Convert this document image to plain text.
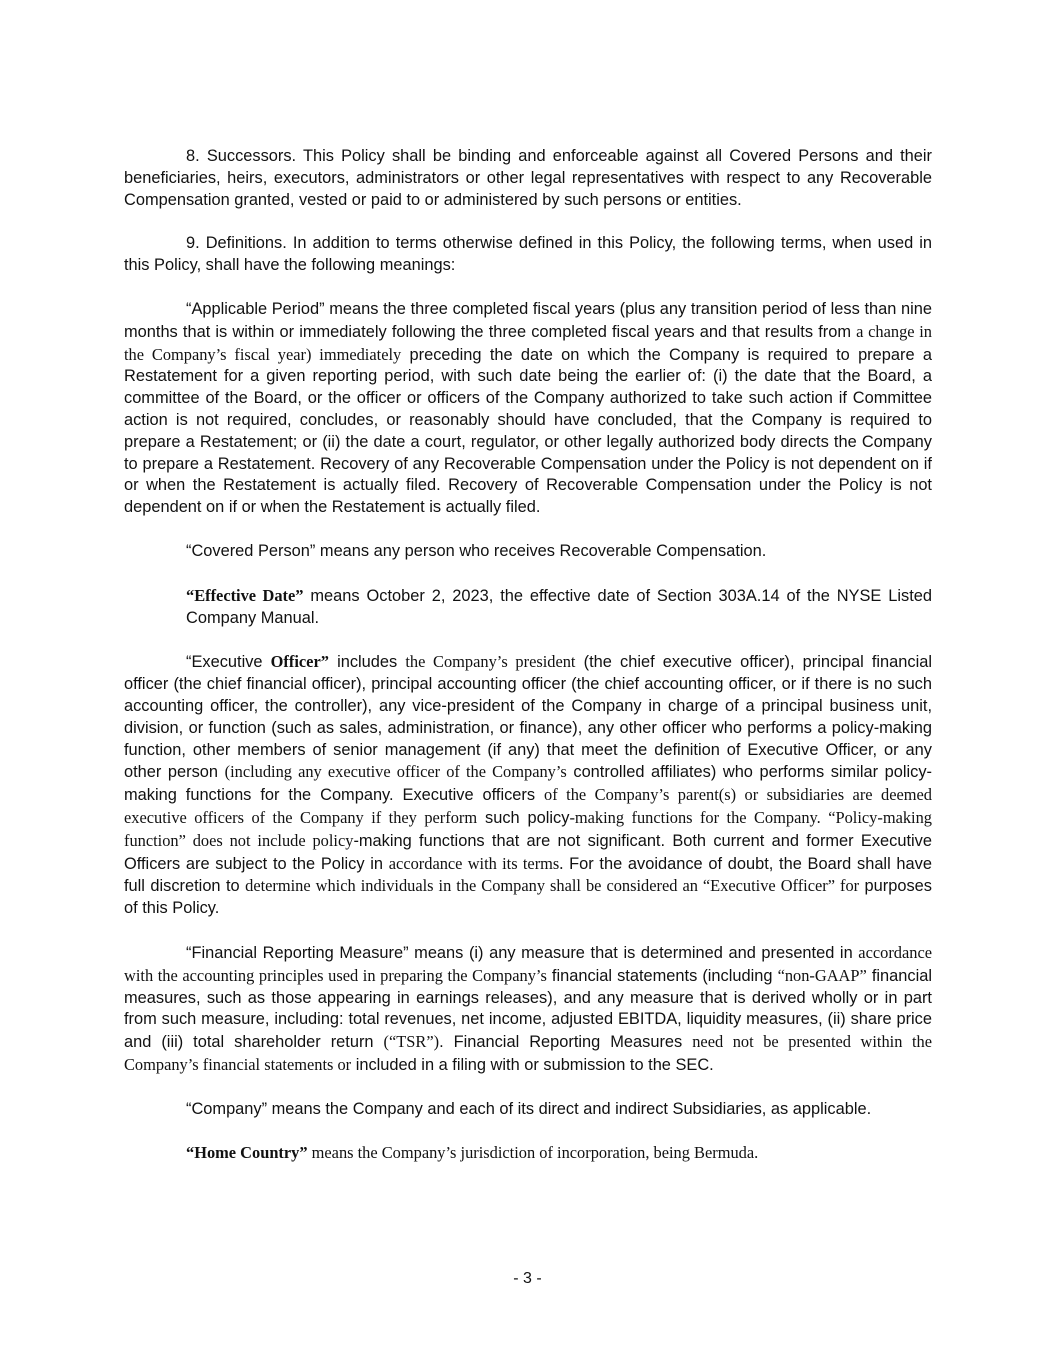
8. Successors. This Policy shall be binding and enforceable against all Covered Persons and their beneficiaries, heirs, executors, administrators or other legal representatives with respect to any Recoverable Compensation granted, vested or paid to or administered by such persons or entities.

9. Definitions. In addition to terms otherwise defined in this Policy, the following terms, when used in this Policy, shall have the following meanings:

“Applicable Period” means the three completed fiscal years (plus any transition period of less than nine months that is within or immediately following the three completed fiscal years and that results from a change in the Company’s fiscal year) immediately preceding the date on which the Company is required to prepare a Restatement for a given reporting period, with such date being the earlier of: (i) the date that the Board, a committee of the Board, or the officer or officers of the Company authorized to take such action if Committee action is not required, concludes, or reasonably should have concluded, that the Company is required to prepare a Restatement; or (ii) the date a court, regulator, or other legally authorized body directs the Company to prepare a Restatement. Recovery of any Recoverable Compensation under the Policy is not dependent on if or when the Restatement is actually filed. Recovery of Recoverable Compensation under the Policy is not dependent on if or when the Restatement is actually filed.

“Covered Person” means any person who receives Recoverable Compensation.

“Effective Date” means October 2, 2023, the effective date of Section 303A.14 of the NYSE Listed Company Manual.

“Executive Officer” includes the Company’s president (the chief executive officer), principal financial officer (the chief financial officer), principal accounting officer (the chief accounting officer, or if there is no such accounting officer, the controller), any vice-president of the Company in charge of a principal business unit, division, or function (such as sales, administration, or finance), any other officer who performs a policy-making function, other members of senior management (if any) that meet the definition of Executive Officer, or any other person (including any executive officer of the Company’s controlled affiliates) who performs similar policy-making functions for the Company. Executive officers of the Company’s parent(s) or subsidiaries are deemed executive officers of the Company if they perform such policy-making functions for the Company. “Policy-making function” does not include policy-making functions that are not significant. Both current and former Executive Officers are subject to the Policy in accordance with its terms. For the avoidance of doubt, the Board shall have full discretion to determine which individuals in the Company shall be considered an “Executive Officer” for purposes of this Policy.

“Financial Reporting Measure” means (i) any measure that is determined and presented in accordance with the accounting principles used in preparing the Company’s financial statements (including “non-GAAP” financial measures, such as those appearing in earnings releases), and any measure that is derived wholly or in part from such measure, including: total revenues, net income, adjusted EBITDA, liquidity measures, (ii) share price and (iii) total shareholder return (“TSR”). Financial Reporting Measures need not be presented within the Company’s financial statements or included in a filing with or submission to the SEC.

“Company” means the Company and each of its direct and indirect Subsidiaries, as applicable.

“Home Country” means the Company’s jurisdiction of incorporation, being Bermuda.

- 3 -
